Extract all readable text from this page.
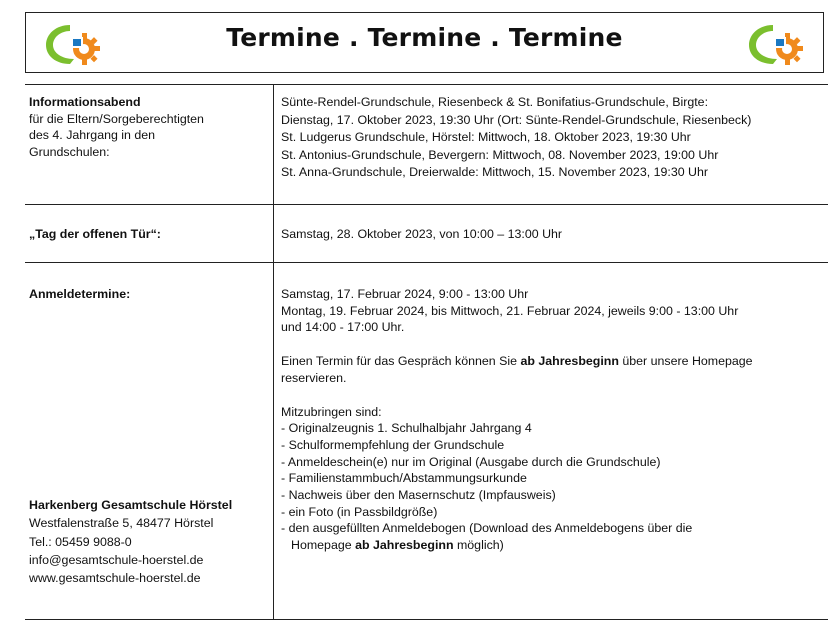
Termine . Termine . Termine
Informationsabend
für die Eltern/Sorgeberechtigten
des 4. Jahrgang in den
Grundschulen:
Sünte-Rendel-Grundschule, Riesenbeck & St. Bonifatius-Grundschule, Birgte:
Dienstag, 17. Oktober 2023, 19:30 Uhr (Ort: Sünte-Rendel-Grundschule, Riesenbeck)
St. Ludgerus Grundschule, Hörstel: Mittwoch, 18. Oktober 2023, 19:30 Uhr
St. Antonius-Grundschule, Bevergern: Mittwoch, 08. November 2023, 19:00 Uhr
St. Anna-Grundschule, Dreierwalde: Mittwoch, 15. November 2023, 19:30 Uhr
„Tag der offenen Tür“:	Samstag, 28. Oktober 2023, von 10:00 – 13:00 Uhr
Anmeldetermine:	Samstag, 17. Februar 2024, 9:00 - 13:00 Uhr
Montag, 19. Februar 2024, bis Mittwoch, 21. Februar 2024, jeweils 9:00 - 13:00 Uhr
und 14:00 - 17:00 Uhr.
Einen Termin für das Gespräch können Sie ab Jahresbeginn über unsere Homepage
reservieren.
Mitzubringen sind:
- Originalzeugnis 1. Schulhalbjahr Jahrgang 4
- Schulformempfehlung der Grundschule
- Anmeldeschein(e) nur im Original (Ausgabe durch die Grundschule)
- Familienstammbuch/Abstammungsurkunde
- Nachweis über den Masernschutz (Impfausweis)
- ein Foto (in Passbildgröße)
- den ausgefüllten Anmeldebogen (Download des Anmeldebogens über die
Homepage ab Jahresbeginn möglich)
Harkenberg Gesamtschule Hörstel
Westfalenstraße 5, 48477 Hörstel
Tel.: 05459 9088-0
info@gesamtschule-hoerstel.de
www.gesamtschule-hoerstel.de
